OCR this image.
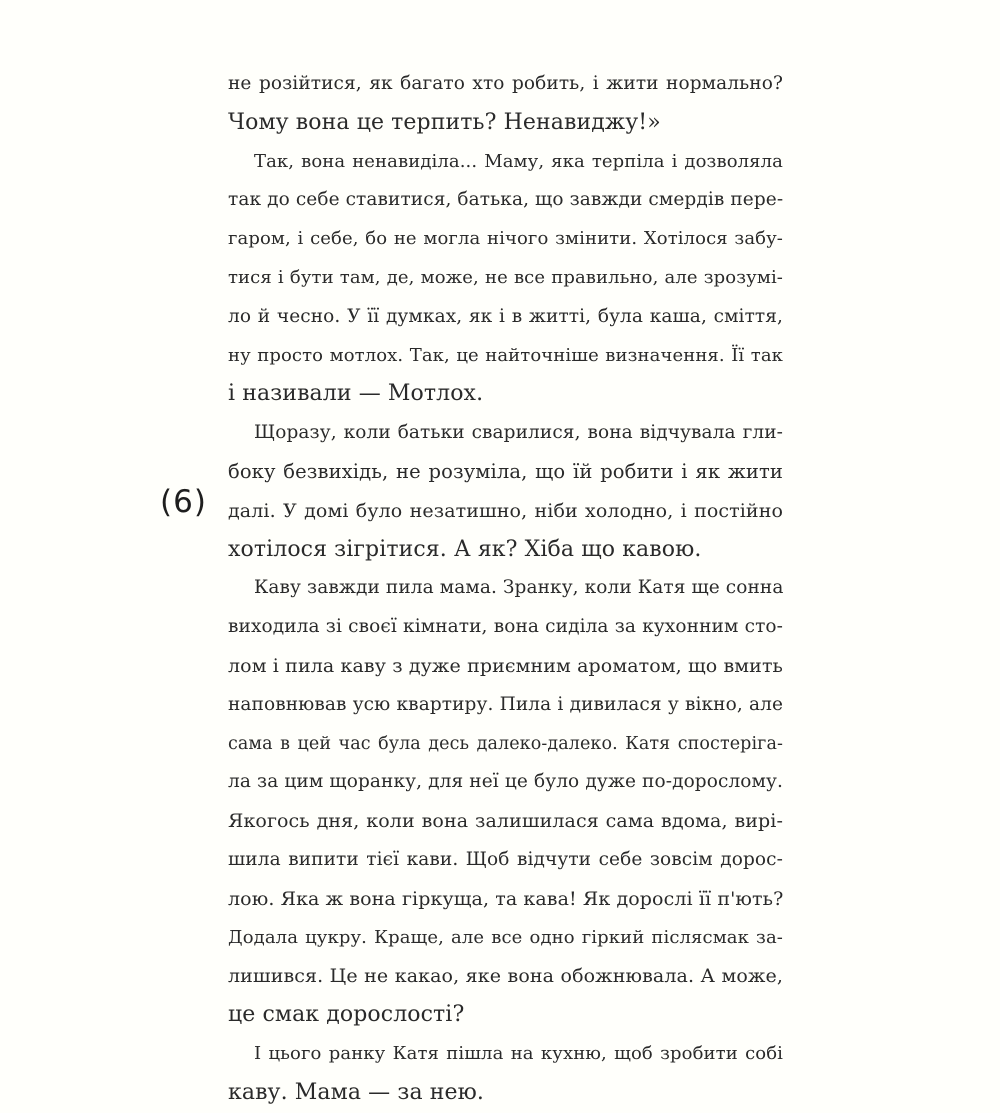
(6)
не розійтися, як багато хто робить, і жити нормально?
Чому вона це терпить? Ненавиджу!»
Так, вона ненавиділа... Маму, яка терпіла і дозволяла
так до себе ставитися, батька, що завжди смердів пере-
гаром, і себе, бо не могла нічого змінити. Хотілося забу-
тися і бути там, де, може, не все правильно, але зрозумі-
ло й чесно. У її думках, як і в житті, була каша, сміття,
ну просто мотлох. Так, це найточніше визначення. Її так
і називали — Мотлох.
Щоразу, коли батьки сварилися, вона відчувала гли-
боку безвихідь, не розуміла, що їй робити і як жити
далі. У домі було незатишно, ніби холодно, і постійно
хотілося зігрітися. А як? Хіба що кавою.
Каву завжди пила мама. Зранку, коли Катя ще сонна
виходила зі своєї кімнати, вона сиділа за кухонним сто-
лом і пила каву з дуже приємним ароматом, що вмить
наповнював усю квартиру. Пила і дивилася у вікно, але
сама в цей час була десь далеко-далеко. Катя спостеріга-
ла за цим щоранку, для неї це було дуже по-дорослому.
Якогось дня, коли вона залишилася сама вдома, вирі-
шила випити тієї кави. Щоб відчути себе зовсім дорос-
лою. Яка ж вона гіркуща, та кава! Як дорослі її п'ють?
Додала цукру. Краще, але все одно гіркий післясмак за-
лишився. Це не какао, яке вона обожнювала. А може,
це смак дорослості?
І цього ранку Катя пішла на кухню, щоб зробити собі
каву. Мама — за нею.
